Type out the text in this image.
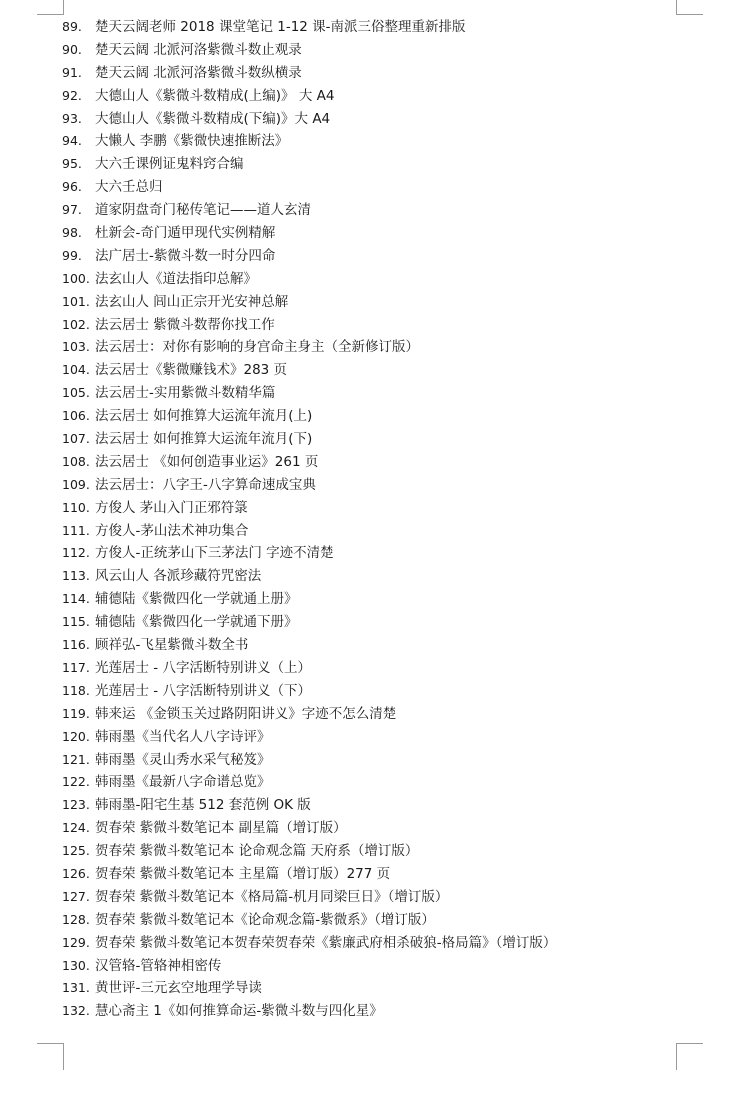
89. 楚天云阔老师 2018 课堂笔记 1-12 课-南派三俗整理重新排版
90. 楚天云阔 北派河洛紫微斗数止观录
91. 楚天云阔 北派河洛紫微斗数纵横录
92. 大德山人《紫微斗数精成(上编)》 大 A4
93. 大德山人《紫微斗数精成(下编)》大 A4
94. 大懒人 李鹏《紫微快速推断法》
95. 大六壬课例证鬼料窍合编
96. 大六壬总归
97. 道家阴盘奇门秘传笔记——道人玄清
98. 杜新会-奇门遁甲现代实例精解
99. 法广居士-紫微斗数一时分四命
100. 法玄山人《道法指印总解》
101. 法玄山人 闾山正宗开光安神总解
102. 法云居士 紫微斗数帮你找工作
103. 法云居士：对你有影响的身宫命主身主（全新修订版）
104. 法云居士《紫微赚钱术》283 页
105. 法云居士-实用紫微斗数精华篇
106. 法云居士 如何推算大运流年流月(上)
107. 法云居士 如何推算大运流年流月(下)
108. 法云居士 《如何创造事业运》261 页
109. 法云居士：八字王-八字算命速成宝典
110. 方俊人 茅山入门正邪符箓
111. 方俊人-茅山法术神功集合
112. 方俊人-正统茅山下三茅法门 字迹不清楚
113. 风云山人 各派珍藏符咒密法
114. 辅德陆《紫微四化一学就通上册》
115. 辅德陆《紫微四化一学就通下册》
116. 顾祥弘-飞星紫微斗数全书
117. 光莲居士 - 八字活断特别讲义（上）
118. 光莲居士 - 八字活断特别讲义（下）
119. 韩来运 《金锁玉关过路阴阳讲义》字迹不怎么清楚
120. 韩雨墨《当代名人八字诗评》
121. 韩雨墨《灵山秀水采气秘笈》
122. 韩雨墨《最新八字命谱总览》
123. 韩雨墨-阳宅生基 512 套范例 OK 版
124. 贺春荣 紫微斗数笔记本 副星篇（增订版）
125. 贺春荣 紫微斗数笔记本 论命观念篇 天府系（增订版）
126. 贺春荣 紫微斗数笔记本 主星篇（增订版）277 页
127. 贺春荣 紫微斗数笔记本《格局篇-机月同梁巨日》（增订版）
128. 贺春荣 紫微斗数笔记本《论命观念篇-紫微系》（增订版）
129. 贺春荣 紫微斗数笔记本贺春荣贺春荣《紫廉武府相杀破狼-格局篇》（增订版）
130. 汉管辂-管辂神相密传
131. 黄世评-三元玄空地理学导读
132. 慧心斋主 1《如何推算命运-紫微斗数与四化星》
